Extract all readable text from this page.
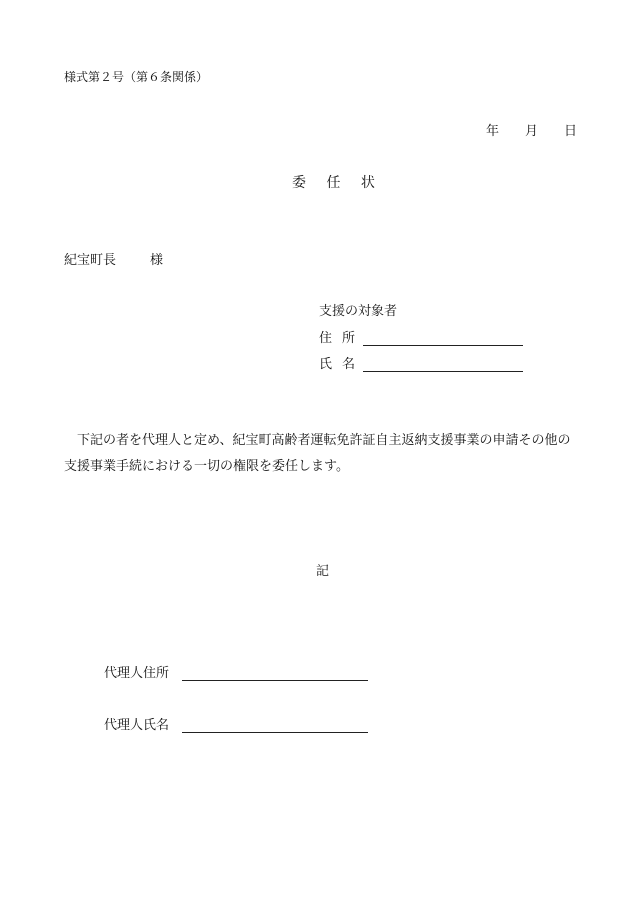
様式第２号（第６条関係）
年 月 日
委 任 状
紀宝町長	様
支援の対象者
住所
氏名

下記の者を代理人と定め、紀宝町高齢者運転免許証自主返納支援事業の申請その他の

支援事業手続における一切の権限を委任します。

記
代理人住所
代理人氏名
